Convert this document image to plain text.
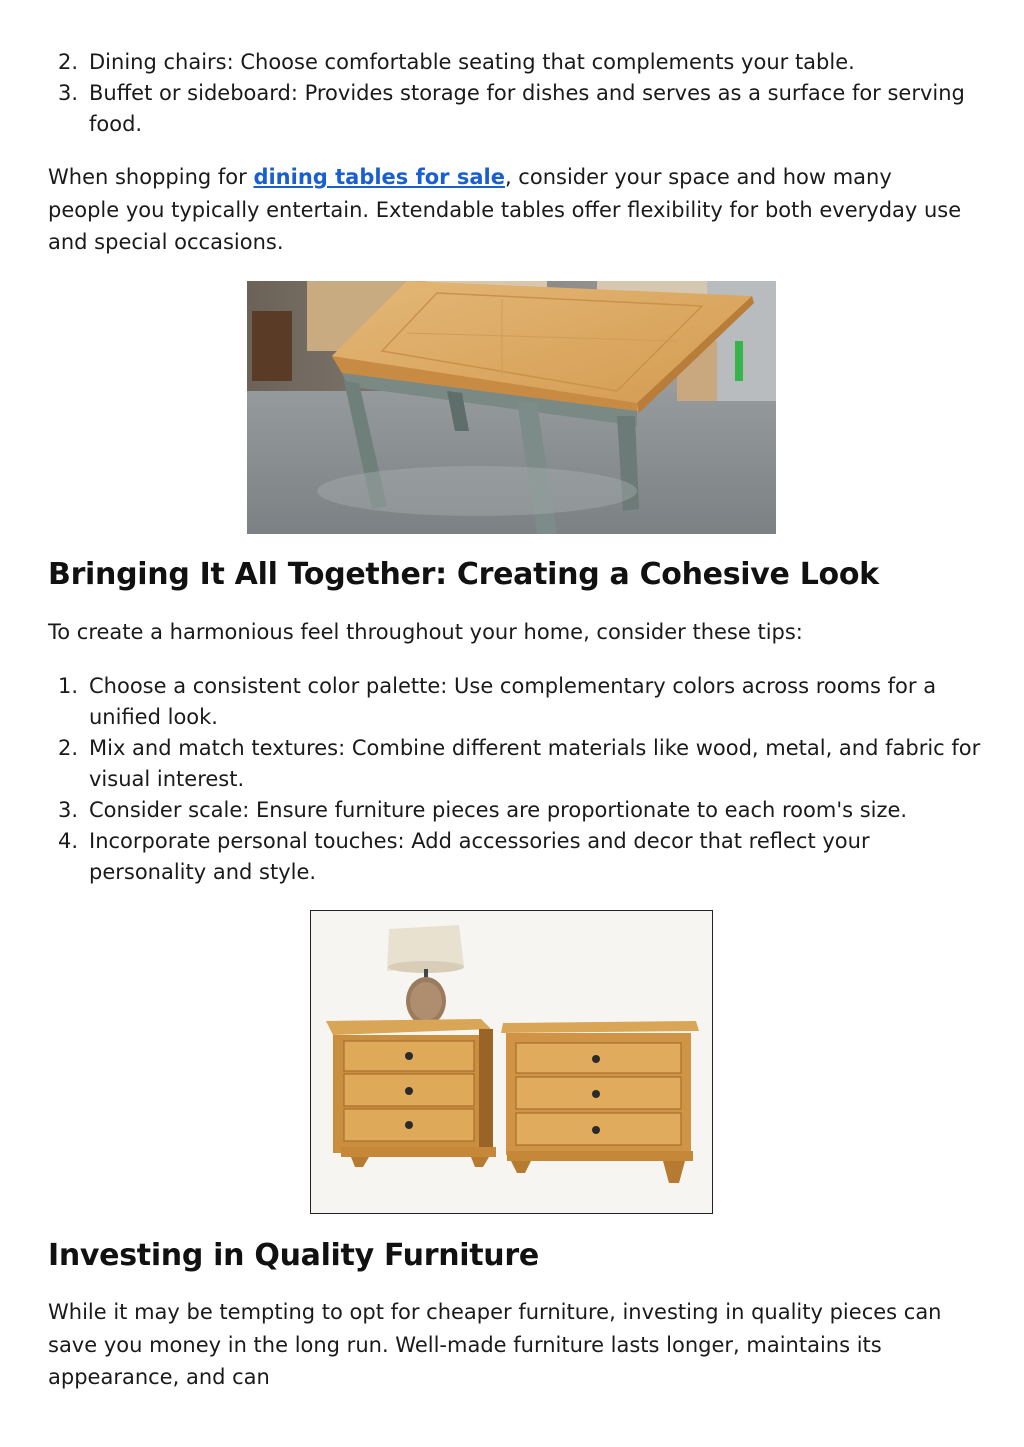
2. Dining chairs: Choose comfortable seating that complements your table.
3. Buffet or sideboard: Provides storage for dishes and serves as a surface for serving food.

When shopping for dining tables for sale, consider your space and how many people you typically entertain. Extendable tables offer flexibility for both everyday use and special occasions.

Bringing It All Together: Creating a Cohesive Look

To create a harmonious feel throughout your home, consider these tips:

1. Choose a consistent color palette: Use complementary colors across rooms for a unified look.
2. Mix and match textures: Combine different materials like wood, metal, and fabric for visual interest.
3. Consider scale: Ensure furniture pieces are proportionate to each room's size.
4. Incorporate personal touches: Add accessories and decor that reflect your personality and style.
Investing in Quality Furniture

While it may be tempting to opt for cheaper furniture, investing in quality pieces can save you money in the long run. Well-made furniture lasts longer, maintains its appearance, and can
